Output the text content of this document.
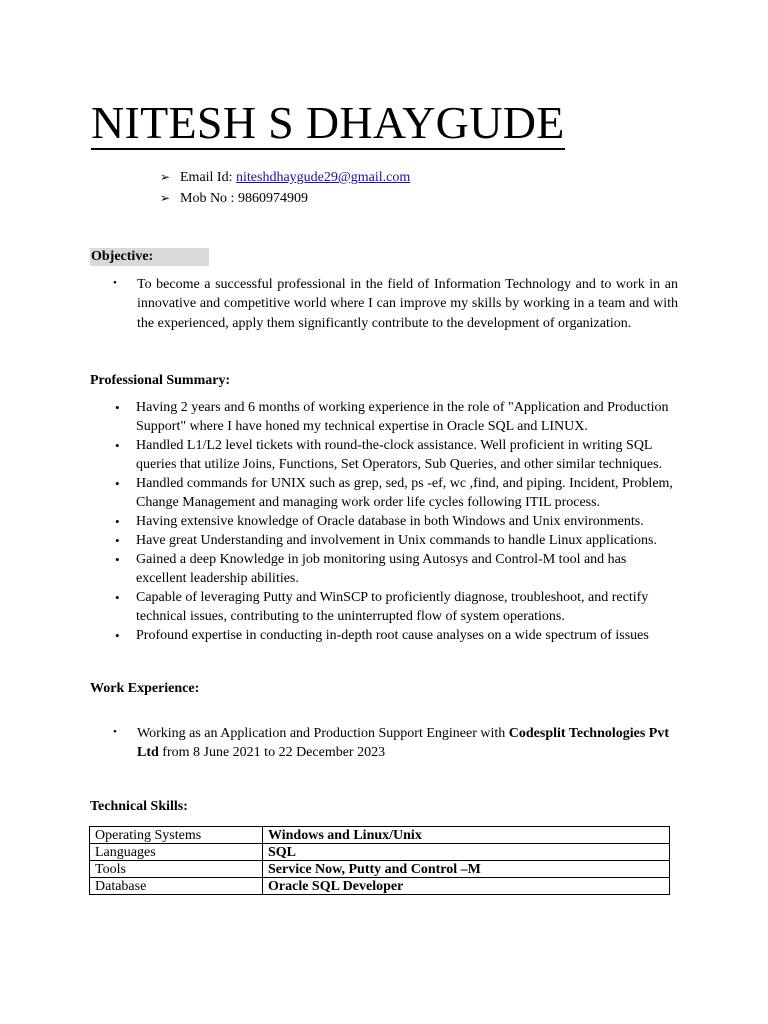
NITESH S DHAYGUDE
➢ Email Id: niteshdhaygude29@gmail.com
➢ Mob No : 9860974909
Objective:
• To become a successful professional in the field of Information Technology and to work in an innovative and competitive world where I can improve my skills by working in a team and with the experienced, apply them significantly contribute to the development of organization.
Professional Summary:
• Having 2 years and 6 months of working experience in the role of "Application and Production Support" where I have honed my technical expertise in Oracle SQL and LINUX.
• Handled L1/L2 level tickets with round-the-clock assistance. Well proficient in writing SQL queries that utilize Joins, Functions, Set Operators, Sub Queries, and other similar techniques.
• Handled commands for UNIX such as grep, sed, ps -ef, wc ,find, and piping. Incident, Problem, Change Management and managing work order life cycles following ITIL process.
• Having extensive knowledge of Oracle database in both Windows and Unix environments.
• Have great Understanding and involvement in Unix commands to handle Linux applications.
• Gained a deep Knowledge in job monitoring using Autosys and Control-M tool and has excellent leadership abilities.
• Capable of leveraging Putty and WinSCP to proficiently diagnose, troubleshoot, and rectify technical issues, contributing to the uninterrupted flow of system operations.
• Profound expertise in conducting in-depth root cause analyses on a wide spectrum of issues
Work Experience:
• Working as an Application and Production Support Engineer with Codesplit Technologies Pvt Ltd from 8 June 2021 to 22 December 2023
Technical Skills:
Operating Systems	Windows and Linux/Unix
Languages	SQL
Tools	Service Now, Putty and Control –M
Database	Oracle SQL Developer
